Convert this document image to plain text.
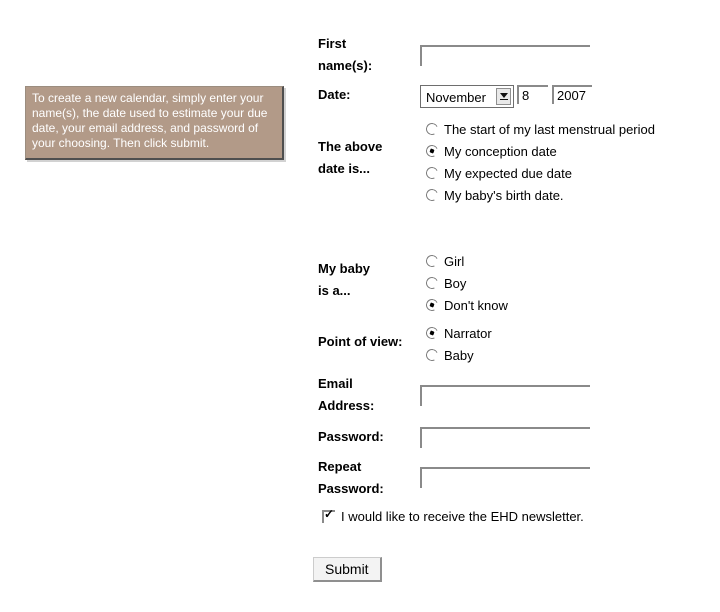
To create a new calendar, simply enter your name(s), the date used to estimate your due date, your email address, and password of your choosing. Then click submit.
First name(s):
Date:	November
8
2007
The above date is...
The start of my last menstrual period
My conception date
My expected due date
My baby's birth date.
My baby is a...
Girl
Boy
Don't know
Point of view:
Narrator
Baby
Email Address:
Password:
Repeat Password:
✓ I would like to receive the EHD newsletter.
Submit
